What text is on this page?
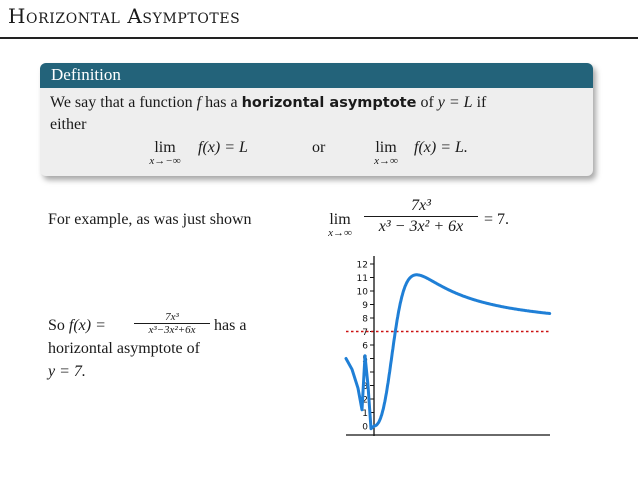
Horizontal Asymptotes
Definition
We say that a function f has a horizontal asymptote of y = L if
either
lim
x→−∞
f(x) = L	or	lim
x→∞
f(x) = L.
For example, as was just shown	lim
x→∞
7x³
x³ − 3x² + 6x	= 7.
So f(x) =	7x³
x³−3x²+6x	has a
horizontal asymptote of
y = 7.
0
1
2
3
4
5
6
7
8
9
10
11
12
